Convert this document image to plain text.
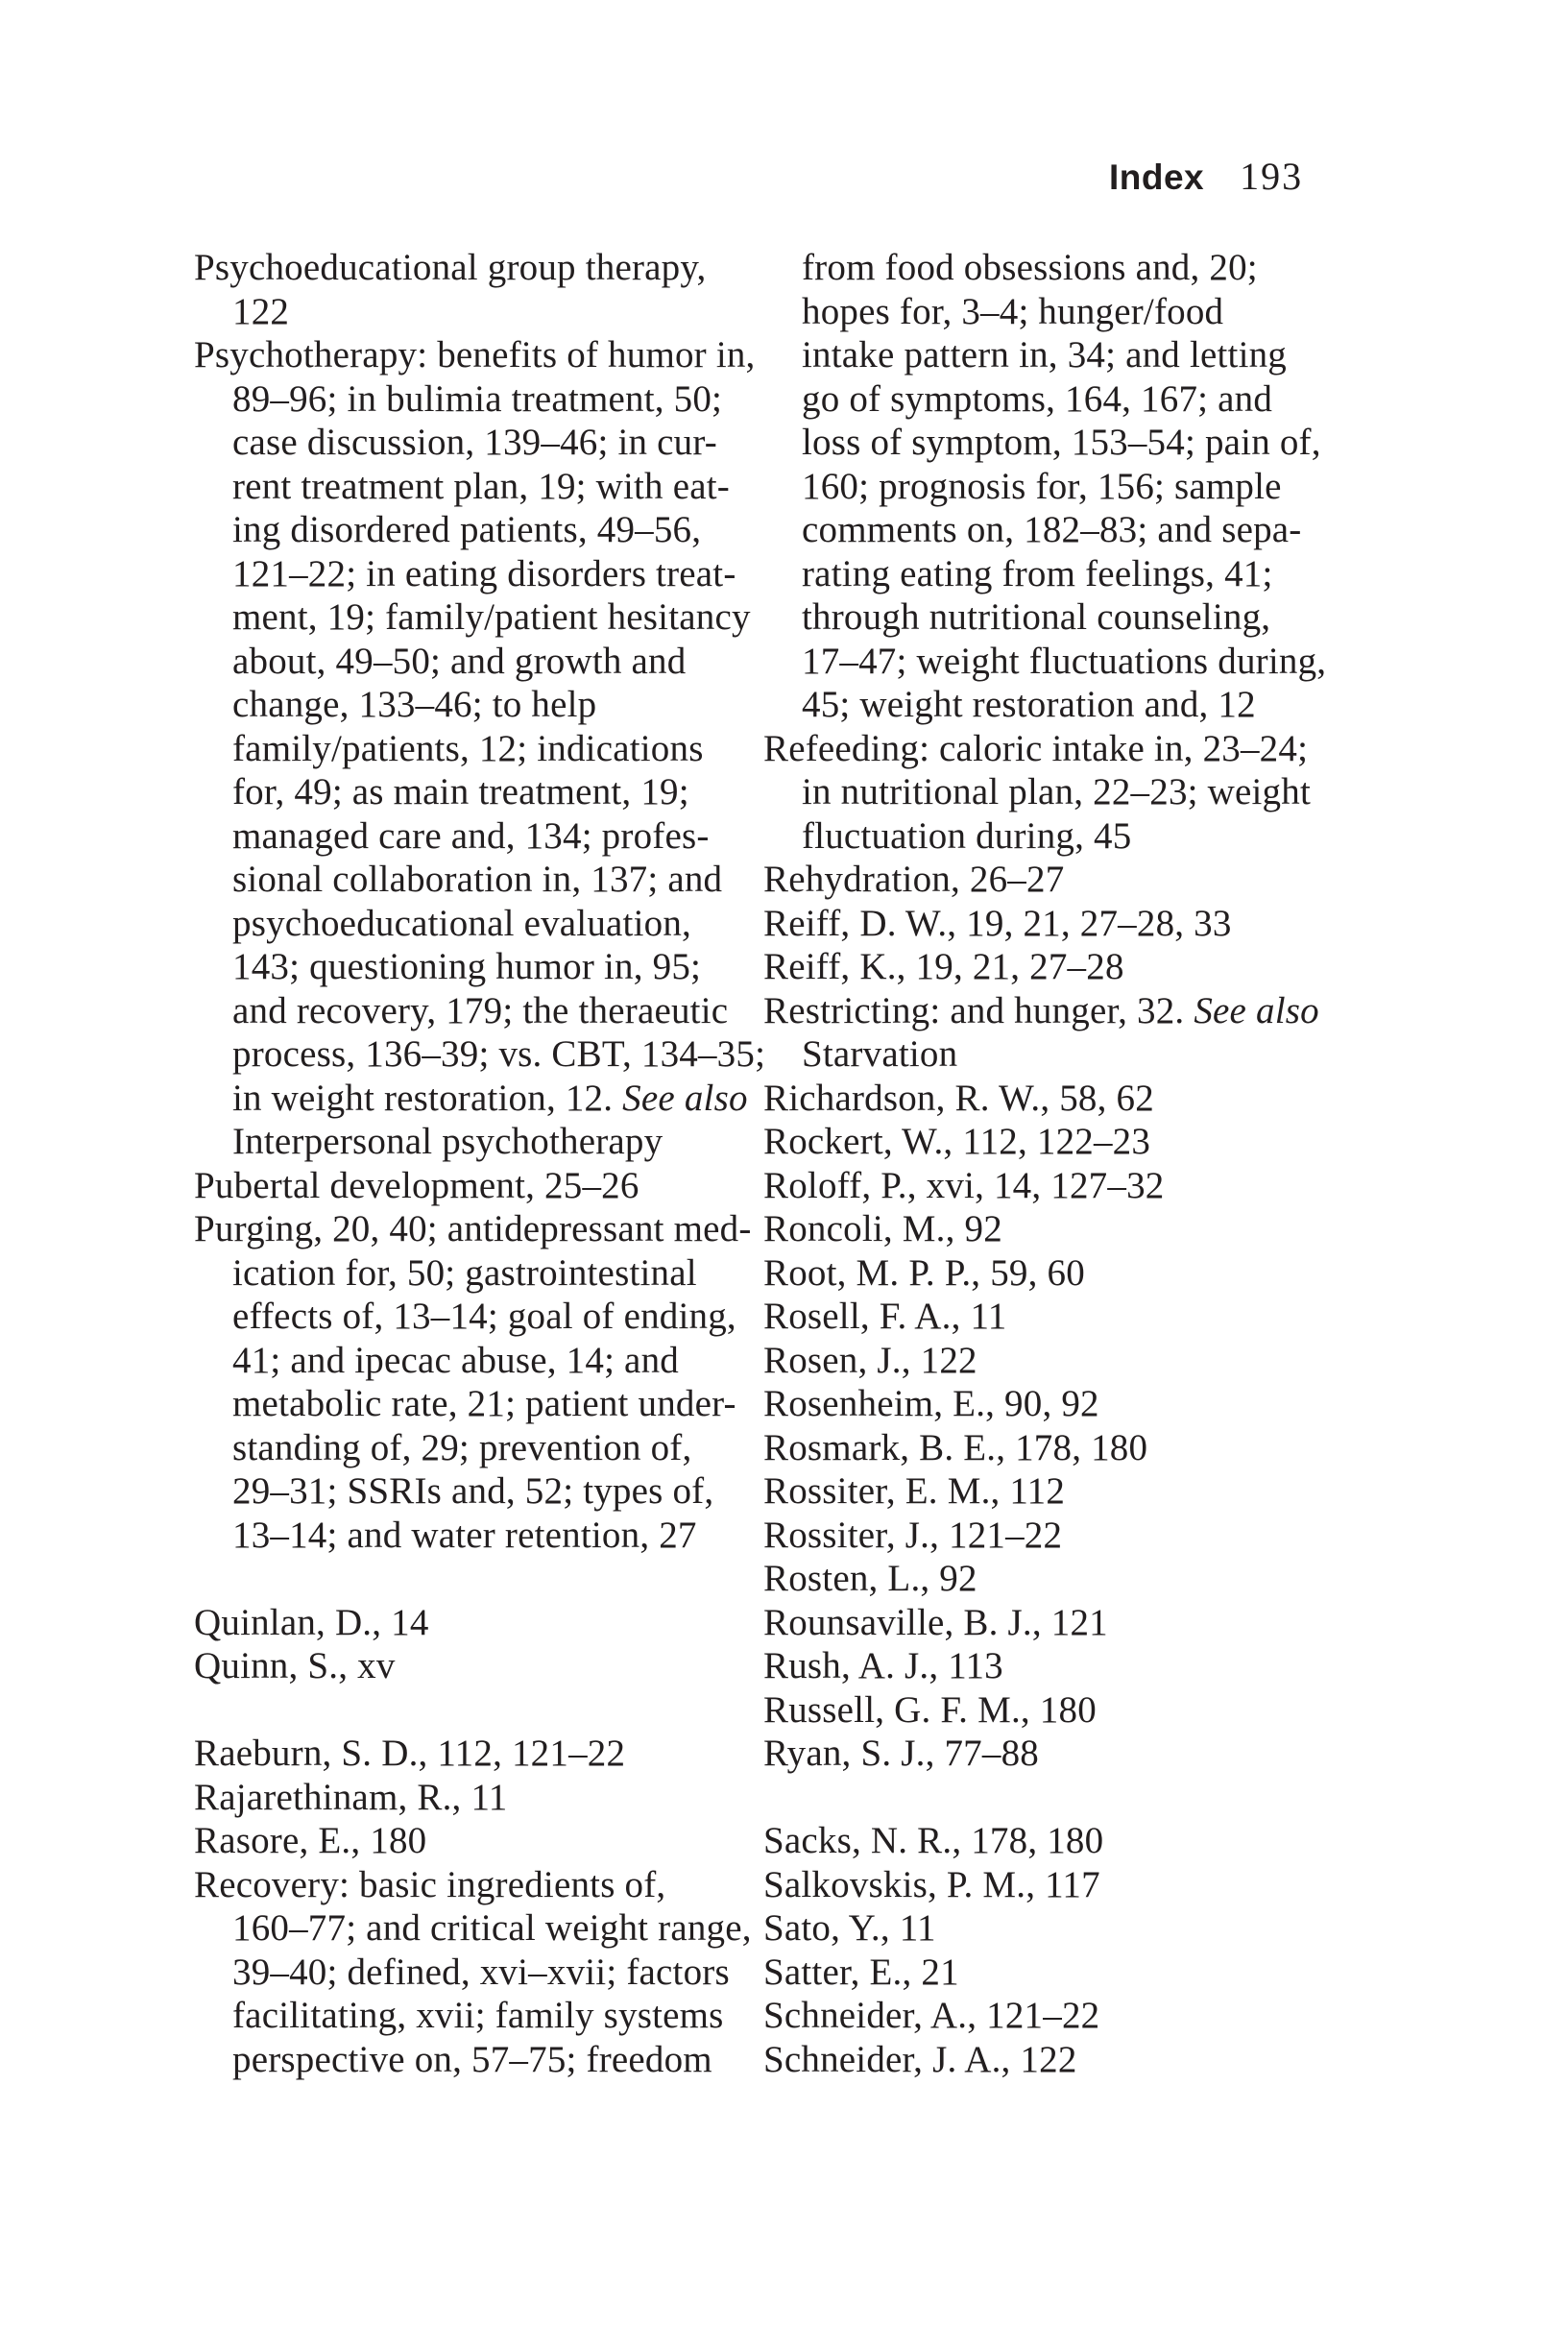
Index 193
Psychoeducational group therapy,
122
Psychotherapy: benefits of humor in,
89–96; in bulimia treatment, 50;
case discussion, 139–46; in cur-
rent treatment plan, 19; with eat-
ing disordered patients, 49–56,
121–22; in eating disorders treat-
ment, 19; family/patient hesitancy
about, 49–50; and growth and
change, 133–46; to help
family/patients, 12; indications
for, 49; as main treatment, 19;
managed care and, 134; profes-
sional collaboration in, 137; and
psychoeducational evaluation,
143; questioning humor in, 95;
and recovery, 179; the theraeutic
process, 136–39; vs. CBT, 134–35;
in weight restoration, 12. See also
Interpersonal psychotherapy
Pubertal development, 25–26
Purging, 20, 40; antidepressant med-
ication for, 50; gastrointestinal
effects of, 13–14; goal of ending,
41; and ipecac abuse, 14; and
metabolic rate, 21; patient under-
standing of, 29; prevention of,
29–31; SSRIs and, 52; types of,
13–14; and water retention, 27

Quinlan, D., 14
Quinn, S., xv

Raeburn, S. D., 112, 121–22
Rajarethinam, R., 11
Rasore, E., 180
Recovery: basic ingredients of,
160–77; and critical weight range,
39–40; defined, xvi–xvii; factors
facilitating, xvii; family systems
perspective on, 57–75; freedom
from food obsessions and, 20;
hopes for, 3–4; hunger/food
intake pattern in, 34; and letting
go of symptoms, 164, 167; and
loss of symptom, 153–54; pain of,
160; prognosis for, 156; sample
comments on, 182–83; and sepa-
rating eating from feelings, 41;
through nutritional counseling,
17–47; weight fluctuations during,
45; weight restoration and, 12
Refeeding: caloric intake in, 23–24;
in nutritional plan, 22–23; weight
fluctuation during, 45
Rehydration, 26–27
Reiff, D. W., 19, 21, 27–28, 33
Reiff, K., 19, 21, 27–28
Restricting: and hunger, 32. See also
Starvation
Richardson, R. W., 58, 62
Rockert, W., 112, 122–23
Roloff, P., xvi, 14, 127–32
Roncoli, M., 92
Root, M. P. P., 59, 60
Rosell, F. A., 11
Rosen, J., 122
Rosenheim, E., 90, 92
Rosmark, B. E., 178, 180
Rossiter, E. M., 112
Rossiter, J., 121–22
Rosten, L., 92
Rounsaville, B. J., 121
Rush, A. J., 113
Russell, G. F. M., 180
Ryan, S. J., 77–88

Sacks, N. R., 178, 180
Salkovskis, P. M., 117
Sato, Y., 11
Satter, E., 21
Schneider, A., 121–22
Schneider, J. A., 122
